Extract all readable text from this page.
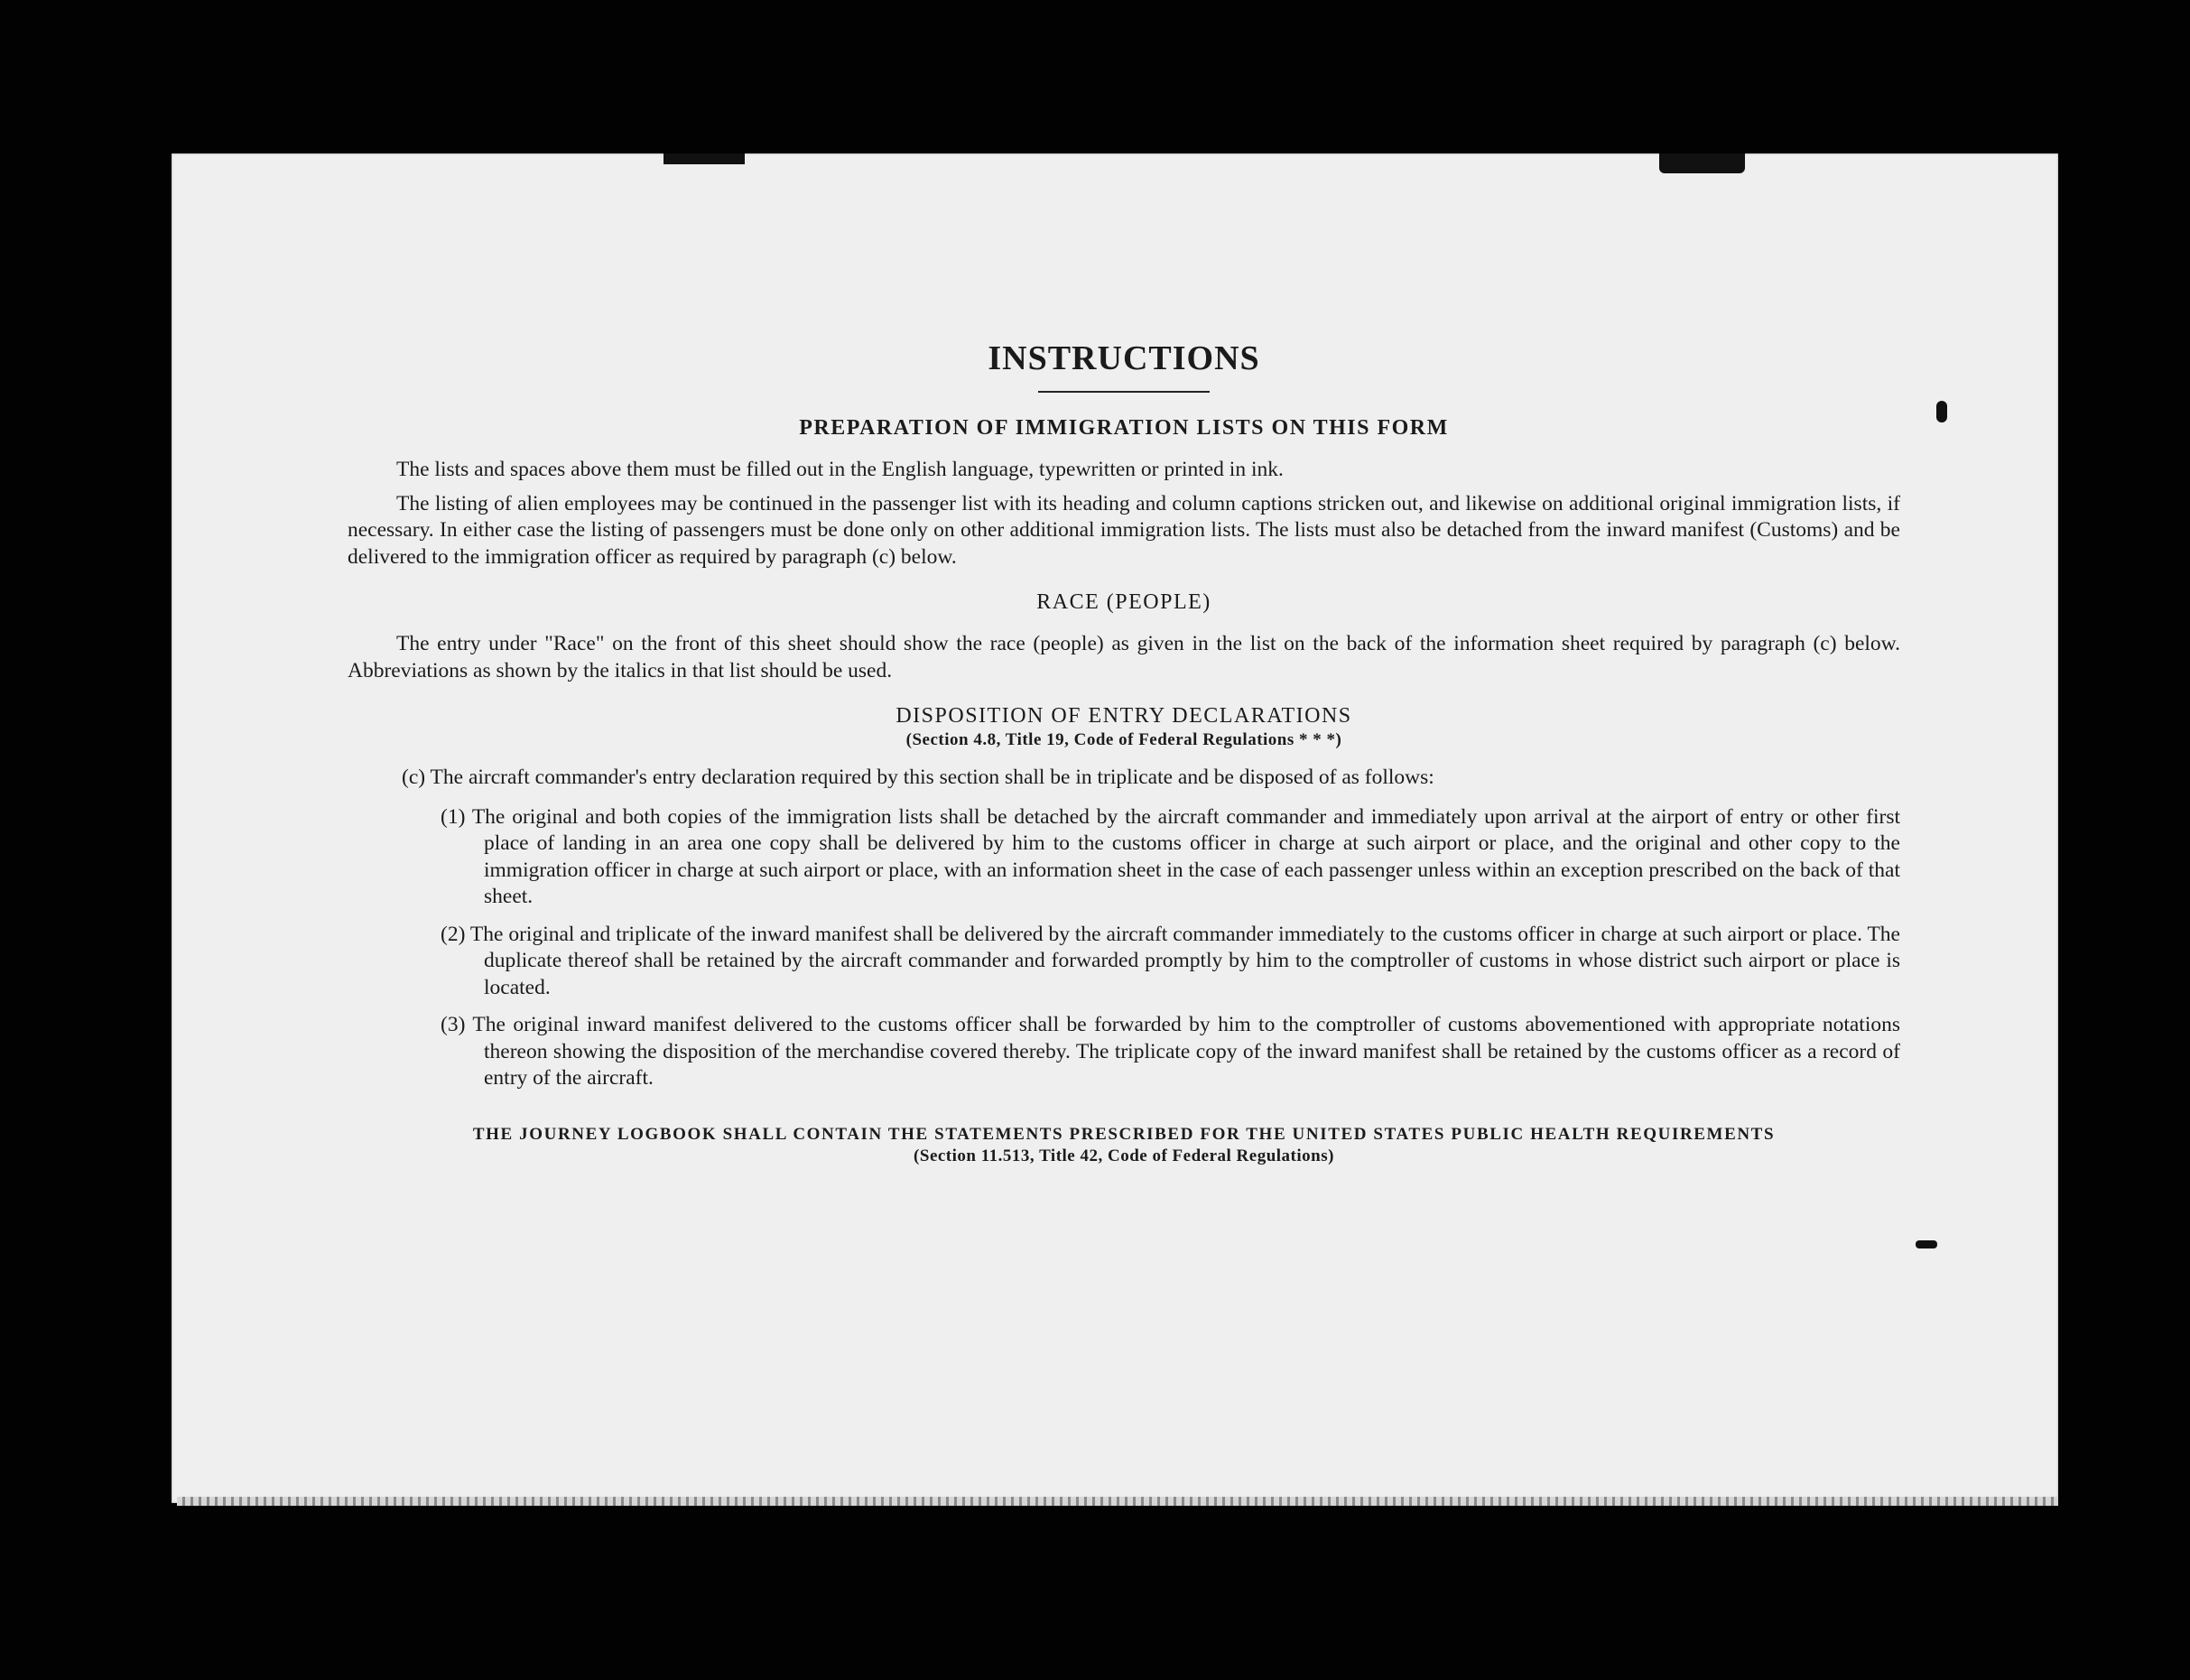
INSTRUCTIONS
PREPARATION OF IMMIGRATION LISTS ON THIS FORM

The lists and spaces above them must be filled out in the English language, typewritten or printed in ink.

The listing of alien employees may be continued in the passenger list with its heading and column captions stricken out, and likewise on additional original immigration lists, if necessary. In either case the listing of passengers must be done only on other additional immigration lists. The lists must also be detached from the inward manifest (Customs) and be delivered to the immigration officer as required by paragraph (c) below.

RACE (PEOPLE)

The entry under "Race" on the front of this sheet should show the race (people) as given in the list on the back of the information sheet required by paragraph (c) below. Abbreviations as shown by the italics in that list should be used.

DISPOSITION OF ENTRY DECLARATIONS
(Section 4.8, Title 19, Code of Federal Regulations * * *)

(c) The aircraft commander's entry declaration required by this section shall be in triplicate and be disposed of as follows:

(1) The original and both copies of the immigration lists shall be detached by the aircraft commander and immediately upon arrival at the airport of entry or other first place of landing in an area one copy shall be delivered by him to the customs officer in charge at such airport or place, and the original and other copy to the immigration officer in charge at such airport or place, with an information sheet in the case of each passenger unless within an exception prescribed on the back of that sheet.

(2) The original and triplicate of the inward manifest shall be delivered by the aircraft commander immediately to the customs officer in charge at such airport or place. The duplicate thereof shall be retained by the aircraft commander and forwarded promptly by him to the comptroller of customs in whose district such airport or place is located.

(3) The original inward manifest delivered to the customs officer shall be forwarded by him to the comptroller of customs abovementioned with appropriate notations thereon showing the disposition of the merchandise covered thereby. The triplicate copy of the inward manifest shall be retained by the customs officer as a record of entry of the aircraft.

THE JOURNEY LOGBOOK SHALL CONTAIN THE STATEMENTS PRESCRIBED FOR THE UNITED STATES PUBLIC HEALTH REQUIREMENTS
(Section 11.513, Title 42, Code of Federal Regulations)
